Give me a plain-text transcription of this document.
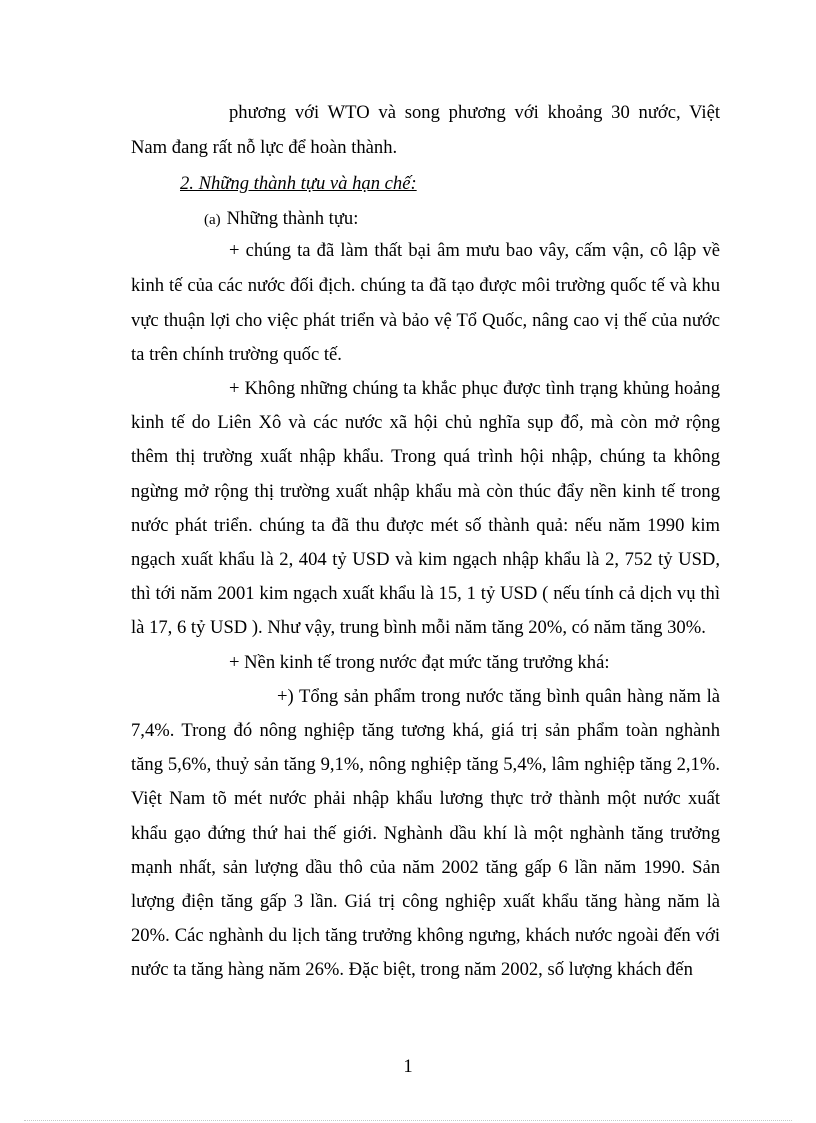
phương với WTO và song phương với khoảng 30 nước, Việt
Nam đang rất nỗ lực để hoàn thành.
2. Những thành tựu và hạn chế:
(a) Những thành tựu:
+ chúng ta đã làm thất bại âm mưu bao vây, cấm vận, cô lập về
kinh tế của các nước đối địch. chúng ta đã tạo được môi trường quốc tế và khu
vực thuận lợi cho việc phát triển và bảo vệ Tổ Quốc, nâng cao vị thế của nước
ta trên chính trường quốc tế.
+ Không những chúng ta khắc phục được tình trạng khủng hoảng
kinh tế do Liên Xô và các nước xã hội chủ nghĩa sụp đổ, mà còn mở rộng
thêm thị trường xuất nhập khẩu. Trong quá trình hội nhập, chúng ta không
ngừng mở rộng thị trường xuất nhập khẩu mà còn thúc đẩy nền kinh tế trong
nước phát triển. chúng ta đã thu được mét số thành quả: nếu năm 1990 kim
ngạch xuất khẩu là 2, 404 tỷ USD và kim ngạch nhập khẩu là 2, 752 tỷ USD,
thì tới năm 2001 kim ngạch xuất khẩu là 15, 1 tỷ USD ( nếu tính cả dịch vụ thì
là 17, 6 tỷ USD ). Như vậy, trung bình mỗi năm tăng 20%, có năm tăng 30%.
+ Nền kinh tế trong nước đạt mức tăng trưởng khá:
+) Tổng sản phẩm trong nước tăng bình quân hàng năm là
7,4%. Trong đó nông nghiệp tăng tương khá, giá trị sản phẩm toàn nghành
tăng 5,6%, thuỷ sản tăng 9,1%, nông nghiệp tăng 5,4%, lâm nghiệp tăng 2,1%.
Việt Nam tõ mét nước phải nhập khẩu lương thực trở thành một nước xuất
khẩu gạo đứng thứ hai thế giới. Nghành dầu khí là một nghành tăng trưởng
mạnh nhất, sản lượng dầu thô của năm 2002 tăng gấp 6 lần năm 1990. Sản
lượng điện tăng gấp 3 lần. Giá trị công nghiệp xuất khẩu tăng hàng năm là
20%. Các nghành du lịch tăng trưởng không ngưng, khách nước ngoài đến với
nước ta tăng hàng năm 26%. Đặc biệt, trong năm 2002, số lượng khách đến
1
